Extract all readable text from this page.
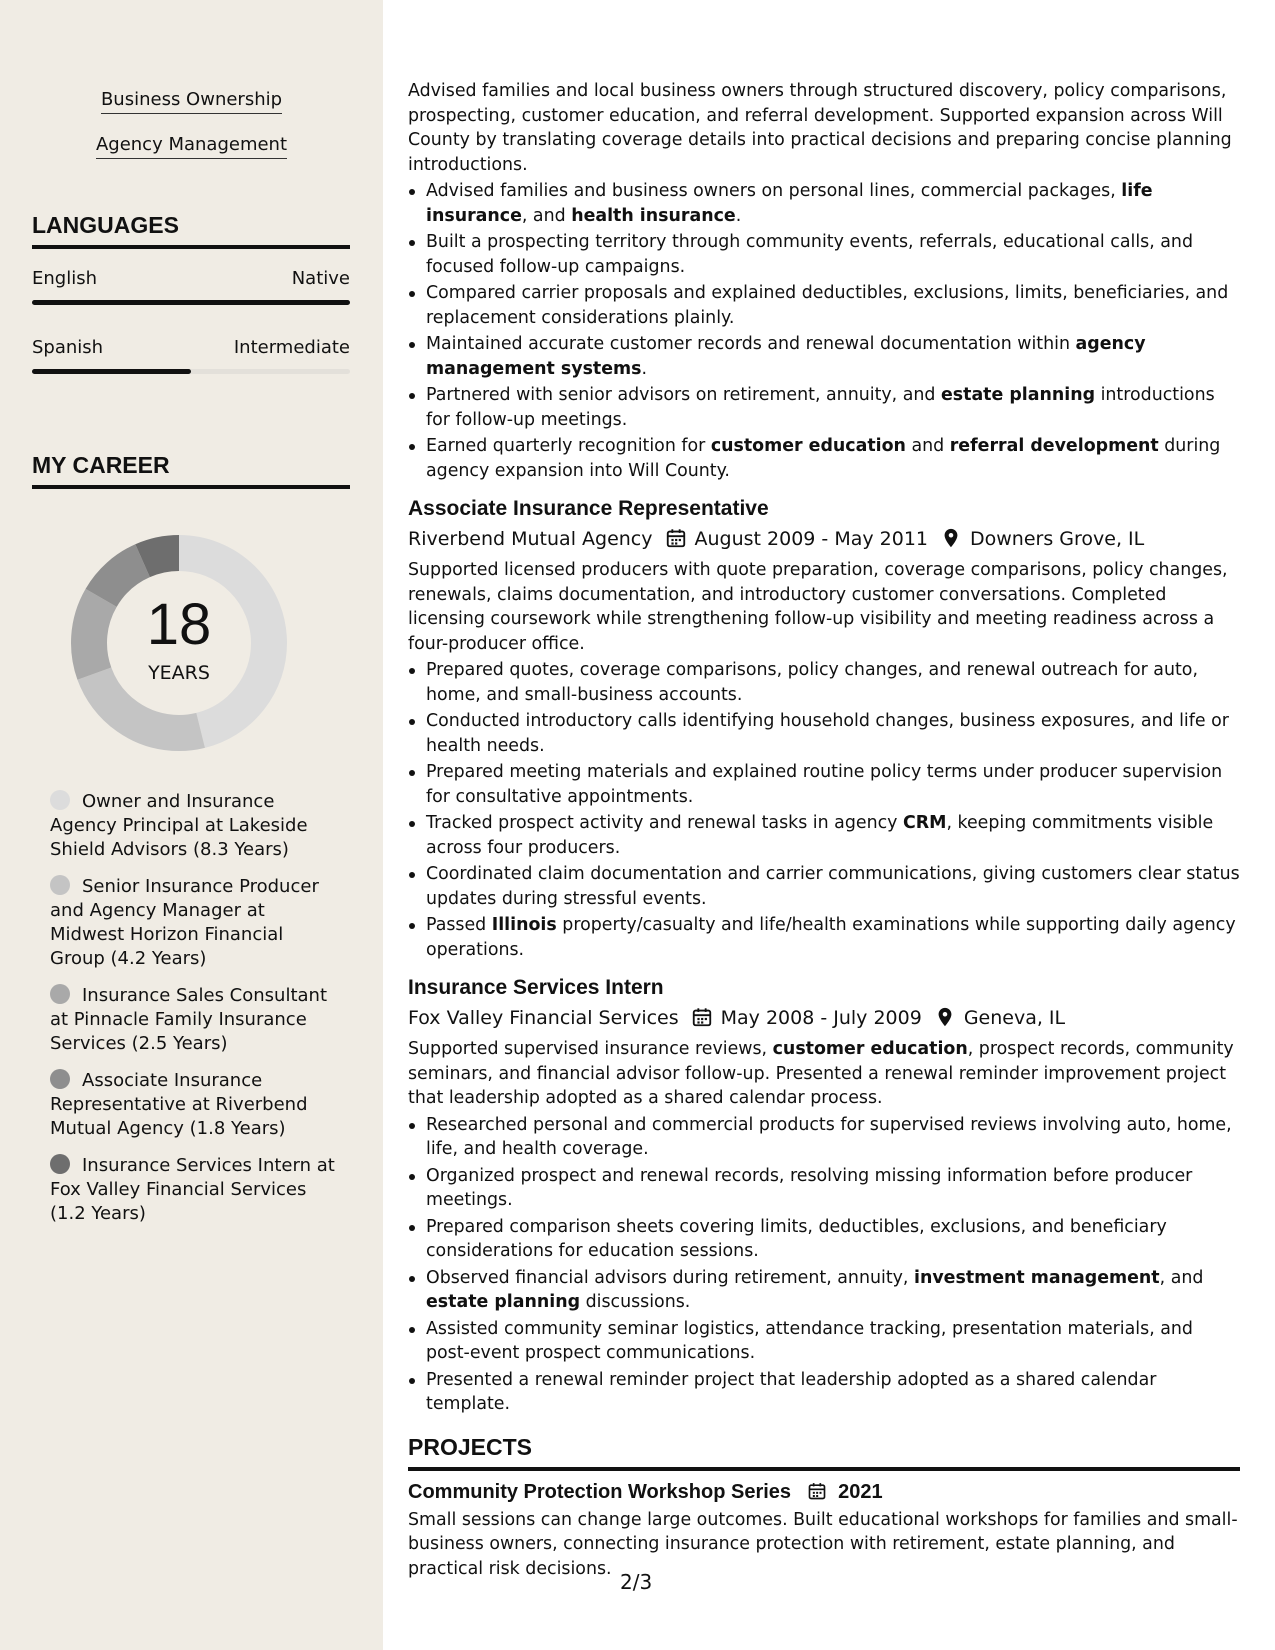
Business Ownership
Agency Management
LANGUAGES
English	Native
Spanish	Intermediate
MY CAREER
18
YEARS
Owner and Insurance Agency Principal at Lakeside Shield Advisors (8.3 Years)
Senior Insurance Producer and Agency Manager at Midwest Horizon Financial Group (4.2 Years)
Insurance Sales Consultant at Pinnacle Family Insurance Services (2.5 Years)
Associate Insurance Representative at Riverbend Mutual Agency (1.8 Years)
Insurance Services Intern at Fox Valley Financial Services (1.2 Years)

Advised families and local business owners through structured discovery, policy comparisons, prospecting, customer education, and referral development. Supported expansion across Will County by translating coverage details into practical decisions and preparing concise planning introductions.

Advised families and business owners on personal lines, commercial packages, life insurance, and health insurance.
Built a prospecting territory through community events, referrals, educational calls, and focused follow-up campaigns.
Compared carrier proposals and explained deductibles, exclusions, limits, beneficiaries, and replacement considerations plainly.
Maintained accurate customer records and renewal documentation within agency management systems.
Partnered with senior advisors on retirement, annuity, and estate planning introductions for follow-up meetings.
Earned quarterly recognition for customer education and referral development during agency expansion into Will County.
Associate Insurance Representative
Riverbend Mutual Agency August 2009 - May 2011 Downers Grove, IL

Supported licensed producers with quote preparation, coverage comparisons, policy changes, renewals, claims documentation, and introductory customer conversations. Completed licensing coursework while strengthening follow-up visibility and meeting readiness across a four-producer office.

Prepared quotes, coverage comparisons, policy changes, and renewal outreach for auto, home, and small-business accounts.
Conducted introductory calls identifying household changes, business exposures, and life or health needs.
Prepared meeting materials and explained routine policy terms under producer supervision for consultative appointments.
Tracked prospect activity and renewal tasks in agency CRM, keeping commitments visible across four producers.
Coordinated claim documentation and carrier communications, giving customers clear status updates during stressful events.
Passed Illinois property/casualty and life/health examinations while supporting daily agency operations.
Insurance Services Intern
Fox Valley Financial Services May 2008 - July 2009 Geneva, IL

Supported supervised insurance reviews, customer education, prospect records, community seminars, and financial advisor follow-up. Presented a renewal reminder improvement project that leadership adopted as a shared calendar process.

Researched personal and commercial products for supervised reviews involving auto, home, life, and health coverage.
Organized prospect and renewal records, resolving missing information before producer meetings.
Prepared comparison sheets covering limits, deductibles, exclusions, and beneficiary considerations for education sessions.
Observed financial advisors during retirement, annuity, investment management, and estate planning discussions.
Assisted community seminar logistics, attendance tracking, presentation materials, and post-event prospect communications.
Presented a renewal reminder project that leadership adopted as a shared calendar template.
PROJECTS
Community Protection Workshop Series 2021

Small sessions can change large outcomes. Built educational workshops for families and small-business owners, connecting insurance protection with retirement, estate planning, and practical risk decisions.

2/3
